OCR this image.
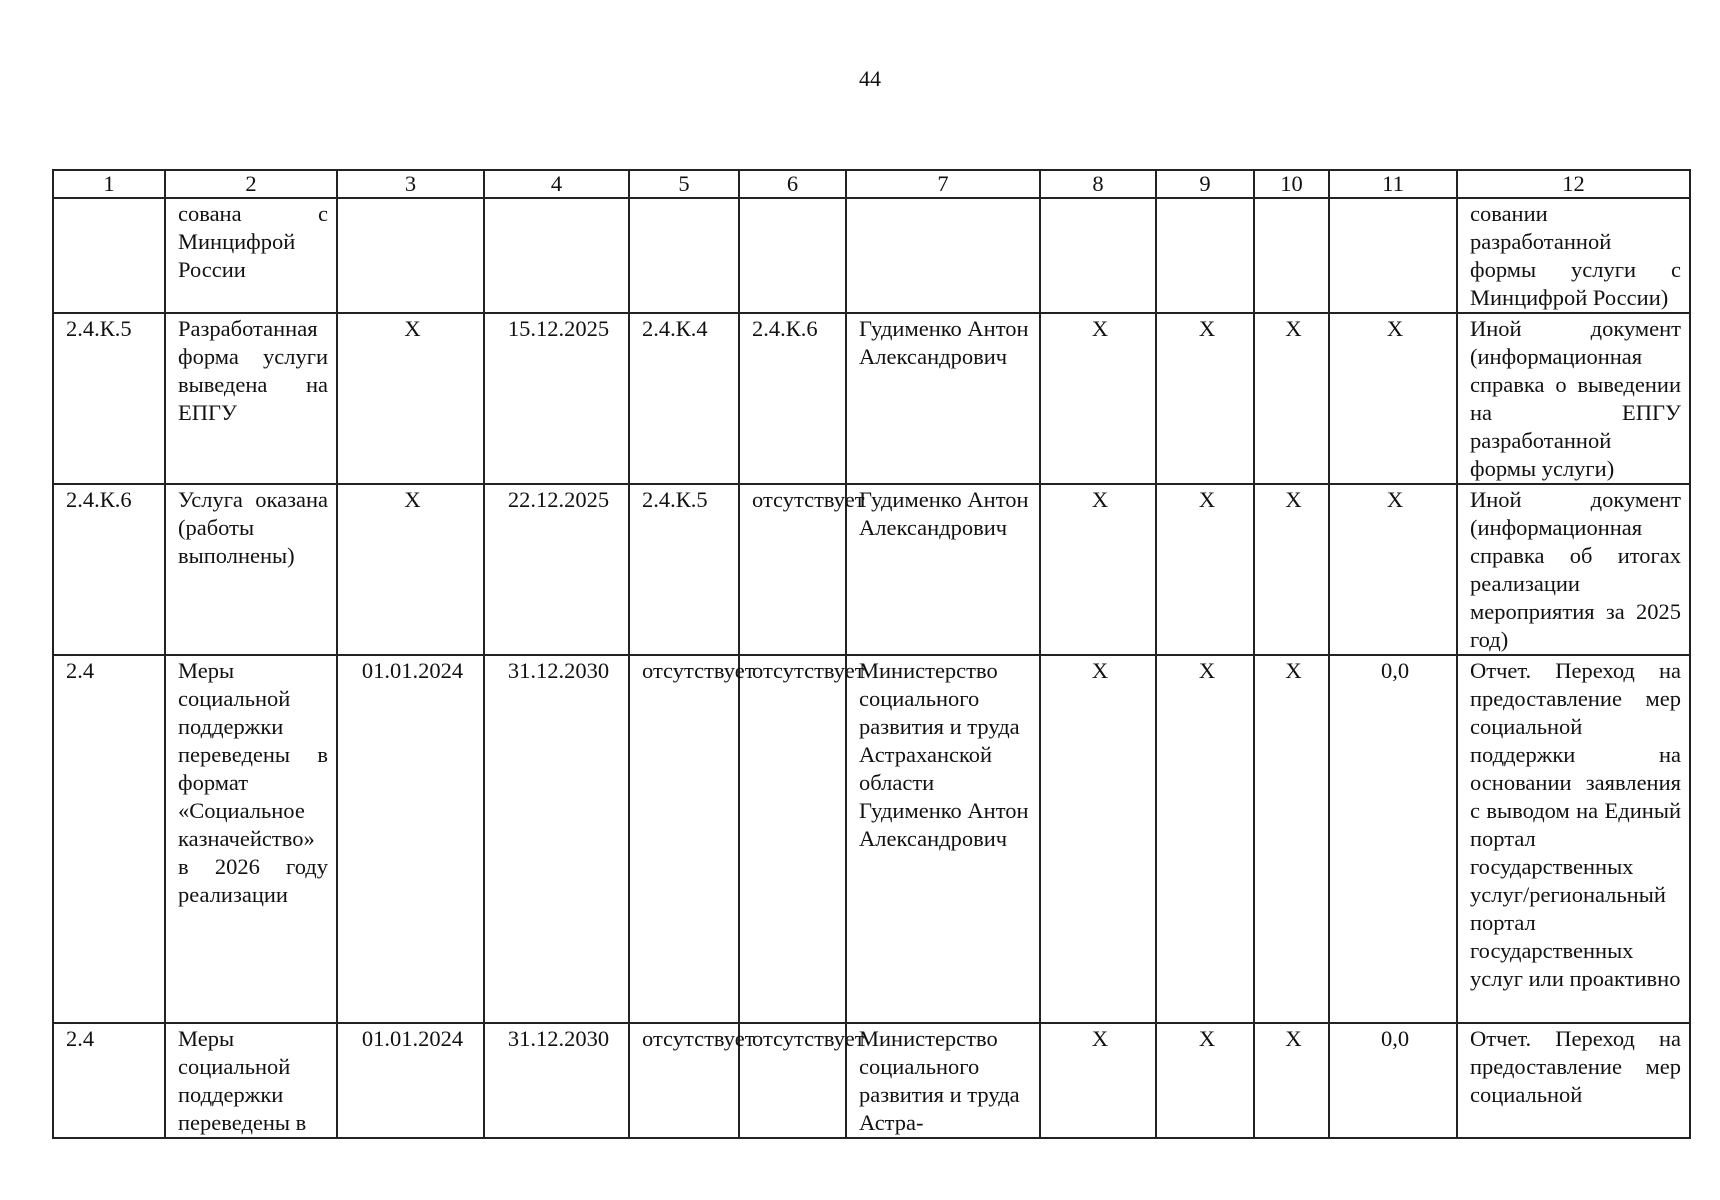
44
1	2	3	4	5	6	7	8	9	10	11	12
	сована с Минцифрой России										совании разработанной формы услуги с Минцифрой России)
2.4.К.5	Разработанная форма услуги выведена на ЕПГУ	Х	15.12.2025	2.4.К.4	2.4.К.6	Гудименко Антон Александрович	Х	Х	Х	Х	Иной документ (информационная справка о выведении на ЕПГУ разработанной формы услуги)
2.4.К.6	Услуга оказана (работы выполнены)	Х	22.12.2025	2.4.К.5	отсутствует	Гудименко Антон Александрович	Х	Х	Х	Х	Иной документ (информационная справка об итогах реализации мероприятия за 2025 год)
2.4	Меры социальной поддержки переведены в формат «Социальное казначейство» в 2026 году реализации	01.01.2024	31.12.2030	отсутствует	отсутствует	Министерство социального развития и труда Астраханской области Гудименко Антон Александрович	Х	Х	Х	0,0	Отчет. Переход на предоставление мер социальной поддержки на основании заявления с выводом на Единый портал государственных услуг/региональный портал государственных услуг или проактивно
2.4	Меры социальной поддержки переведены в	01.01.2024	31.12.2030	отсутствует	отсутствует	Министерство социального развития и труда Астра-	Х	Х	Х	0,0	Отчет. Переход на предоставление мер социальной
